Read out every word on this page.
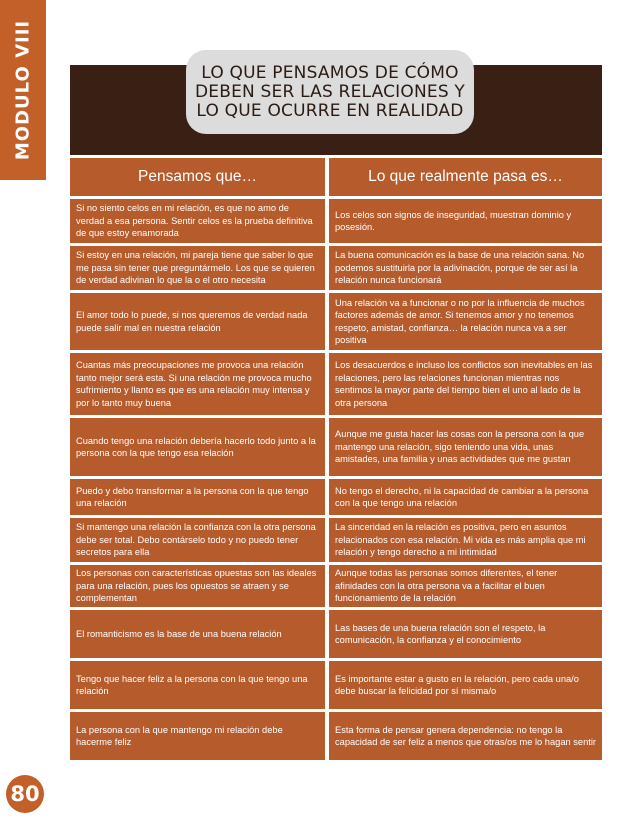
MODULO VIII	LO QUE PENSAMOS DE CÓMO
DEBEN SER LAS RELACIONES Y
LO QUE OCURRE EN REALIDAD
Pensamos que…	Lo que realmente pasa es…
Si no siento celos en mi relación, es que no amo de verdad a esa persona. Sentir celos es la prueba definitiva de que estoy enamorada
Los celos son signos de inseguridad, muestran dominio y posesión.
Si estoy en una relación, mi pareja tiene que saber lo que me pasa sin tener que preguntármelo. Los que se quieren de verdad adivinan lo que la o el otro necesita
La buena comunicación es la base de una relación sana. No podemos sustituirla por la adivinación, porque de ser así la relación nunca funcionará
El amor todo lo puede, si nos queremos de verdad nada puede salir mal en nuestra relación
Una relación va a funcionar o no por la influencia de muchos factores además de amor. Si tenemos amor y no tenemos respeto, amistad, confianza… la relación nunca va a ser positiva
Cuantas más preocupaciones me provoca una relación tanto mejor será esta. Si una relación me provoca mucho sufrimiento y llanto es que es una relación muy intensa y por lo tanto muy buena
Los desacuerdos e incluso los conflictos son inevitables en las relaciones, pero las relaciones funcionan mientras nos sentimos la mayor parte del tiempo bien el uno al lado de la otra persona
Cuando tengo una relación debería hacerlo todo junto a la persona con la que tengo esa relación
Aunque me gusta hacer las cosas con la persona con la que mantengo una relación, sigo teniendo una vida, unas amistades, una familia y unas actividades que me gustan
Puedo y debo transformar a la persona con la que tengo una relación
No tengo el derecho, ni la capacidad de cambiar a la persona con la que tengo una relación
Si mantengo una relación la confianza con la otra persona debe ser total. Debo contárselo todo y no puedo tener secretos para ella
La sinceridad en la relación es positiva, pero en asuntos relacionados con esa relación. Mi vida es más amplia que mi relación y tengo derecho a mi intimidad
Los personas con características opuestas son las ideales para una relación, pues los opuestos se atraen y se complementan
Aunque todas las personas somos diferentes, el tener afinidades con la otra persona va a facilitar el buen funcionamiento de la relación
El romanticismo es la base de una buena relación
Las bases de una buena relación son el respeto, la comunicación, la confianza y el conocimiento
Tengo que hacer feliz a la persona con la que tengo una relación
Es importante estar a gusto en la relación, pero cada una/o debe buscar la felicidad por sí misma/o
La persona con la que mantengo mi relación debe hacerme feliz
Esta forma de pensar genera dependencia: no tengo la capacidad de ser feliz a menos que otras/os me lo hagan sentir
80
